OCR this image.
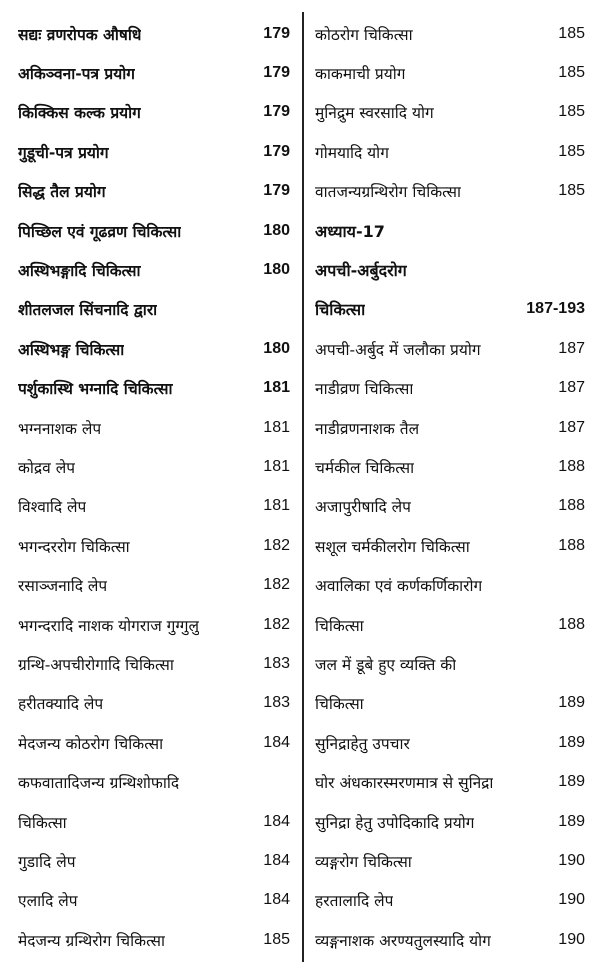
सद्यः व्रणरोपक औषधि	179
अकिञ्वना-पत्र प्रयोग	179
किक्किस कल्क प्रयोग	179
गुडूची-पत्र प्रयोग	179
सिद्ध तैल प्रयोग	179
पिच्छिल एवं गूढव्रण चिकित्सा	180
अस्थिभङ्गादि चिकित्सा	180
शीतलजल सिंचनादि द्वारा
अस्थिभङ्ग चिकित्सा	180
पर्शुकास्थि भग्नादि चिकित्सा	181
भग्ननाशक लेप	181
कोद्रव लेप	181
विश्वादि लेप	181
भगन्दररोग चिकित्सा	182
रसाञ्जनादि लेप	182
भगन्दरादि नाशक योगराज गुग्गुलु	182
ग्रन्थि-अपचीरोगादि चिकित्सा	183
हरीतक्यादि लेप	183
मेदजन्य कोठरोग चिकित्सा	184
कफवातादिजन्य ग्रन्थिशोफादि
चिकित्सा	184
गुडादि लेप	184
एलादि लेप	184
मेदजन्य ग्रन्थिरोग चिकित्सा	185
कोठरोग चिकित्सा	185
काकमाची प्रयोग	185
मुनिद्रुम स्वरसादि योग	185
गोमयादि योग	185
वातजन्यग्रन्थिरोग चिकित्सा	185
अध्याय-17
अपची-अर्बुदरोग
चिकित्सा	187-193
अपची-अर्बुद में जलौका प्रयोग	187
नाडीव्रण चिकित्सा	187
नाडीव्रणनाशक तैल	187
चर्मकील चिकित्सा	188
अजापुरीषादि लेप	188
सशूल चर्मकीलरोग चिकित्सा	188
अवालिका एवं कर्णकर्णिकारोग
चिकित्सा	188
जल में डूबे हुए व्यक्ति की
चिकित्सा	189
सुनिद्राहेतु उपचार	189
घोर अंधकारस्मरणमात्र से सुनिद्रा	189
सुनिद्रा हेतु उपोदिकादि प्रयोग	189
व्यङ्गरोग चिकित्सा	190
हरतालादि लेप	190
व्यङ्गनाशक अरण्यतुलस्यादि योग	190
